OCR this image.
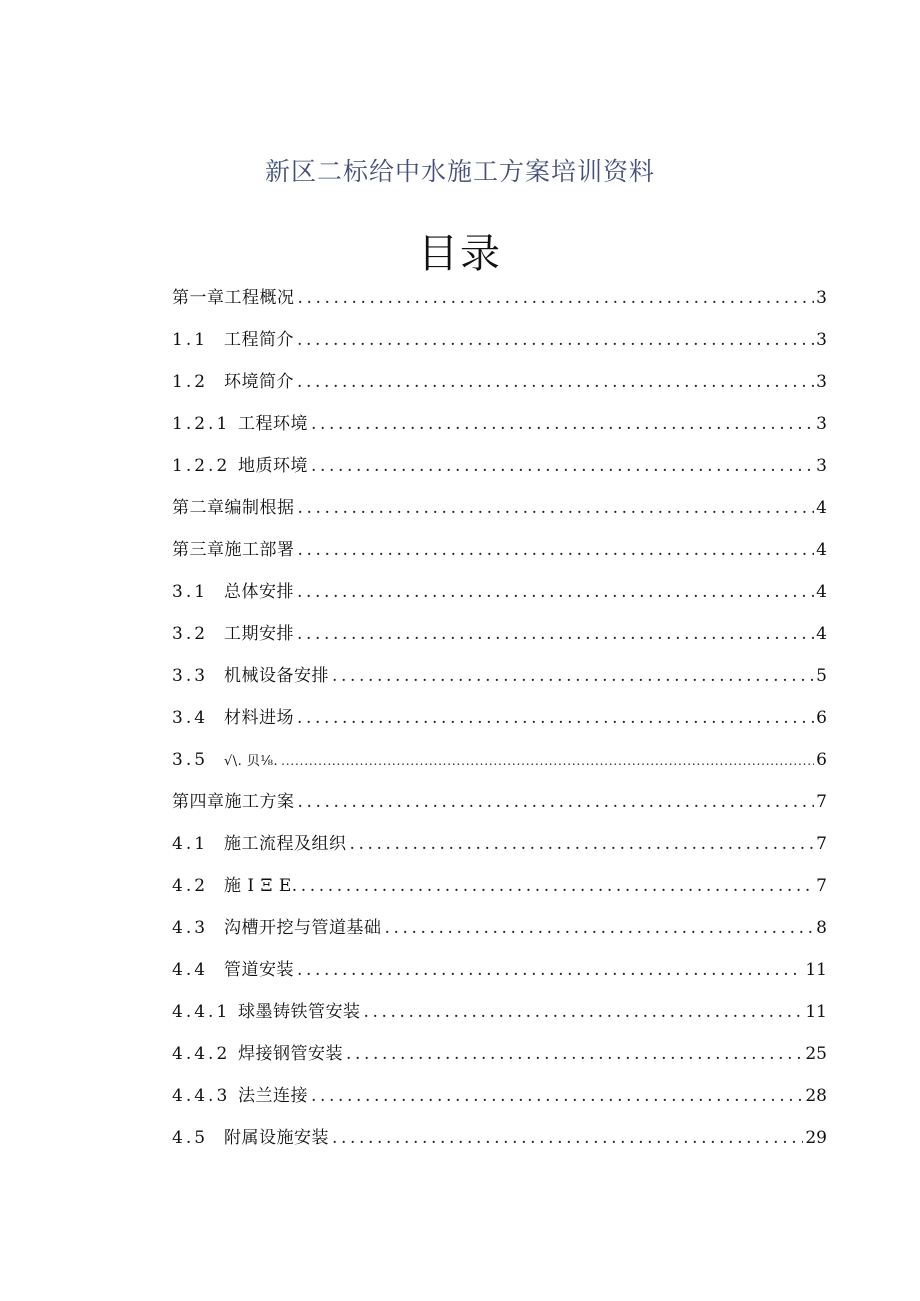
新区二标给中水施工方案培训资料
目录
第一章工程概况 .....	3
1.1 工程简介 .....	3
1.2 环境简介 .....	3
1.2.1 工程环境 .....	3
1.2.2 地质环境 .....	3
第二章编制根据 .....	4
第三章施工部署 .....	4
3.1 总体安排 .....	4
3.2 工期安排 .....	4
3.3 机械设备安排 .....	5
3.4 材料进场 .....	6
3.5	√\. 贝⅛. .....	6
第四章施工方案 .....	7
4.1 施工流程及组织 .....	7
4.2 施 I Ξ E. .....	7
4.3 沟槽开挖与管道基础 .....	8
4.4 管道安装 .....	11
4.4.1 球墨铸铁管安装 .....	11
4.4.2 焊接钢管安装 .....	25
4.4.3 法兰连接 .....	28
4.5 附属设施安装 .....	29
